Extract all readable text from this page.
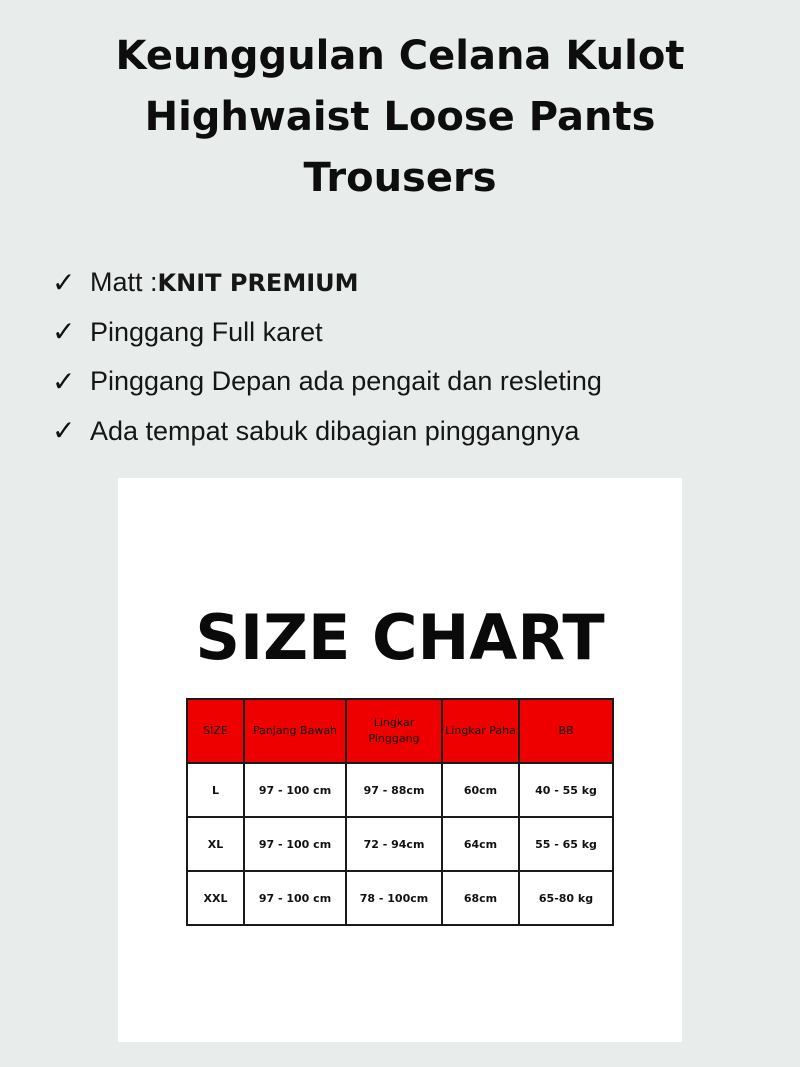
Keunggulan Celana Kulot Highwaist Loose Pants Trousers
✓ Matt : KNIT PREMIUM
✓ Pinggang Full karet
✓ Pinggang Depan ada pengait dan resleting
✓ Ada tempat sabuk dibagian pinggangnya
SIZE CHART
SIZE	Panjang Bawah	Lingkar Pinggang	Lingkar Paha	BB
L	97 - 100 cm	97 - 88cm	60cm	40 - 55 kg
XL	97 - 100 cm	72 - 94cm	64cm	55 - 65 kg
XXL	97 - 100 cm	78 - 100cm	68cm	65-80 kg
